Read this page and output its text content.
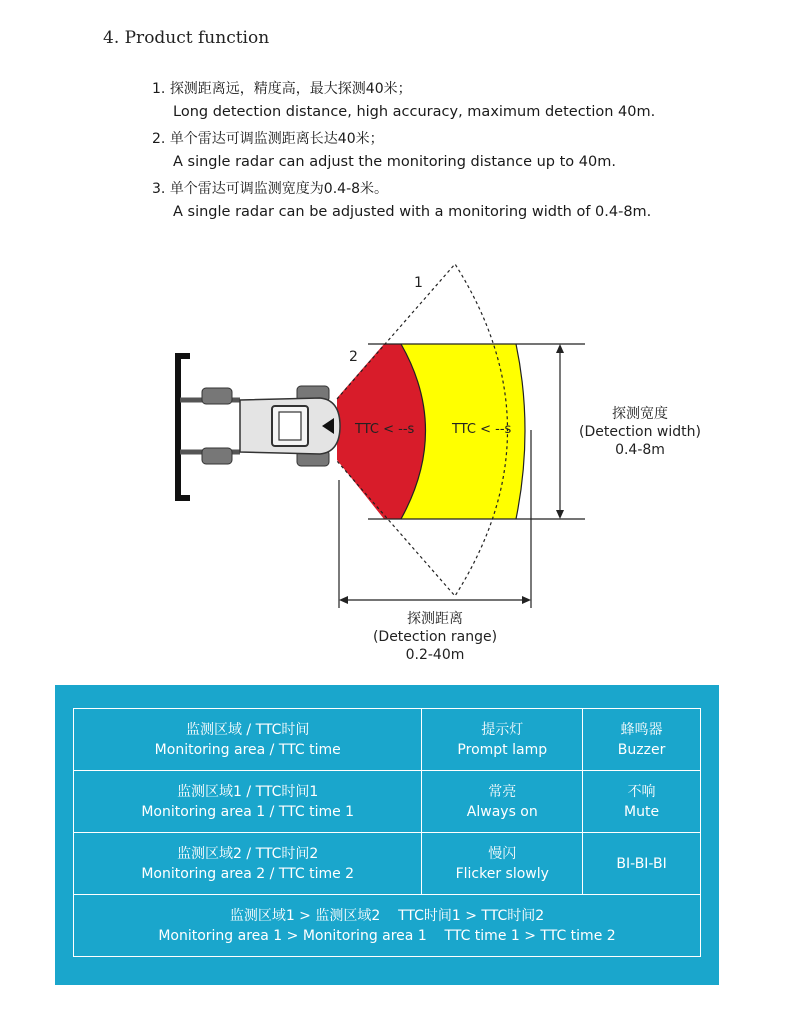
4. Product function
1. 探测距离远，精度高，最大探测40米；
Long detection distance, high accuracy, maximum detection 40m.
2. 单个雷达可调监测距离长达40米；
A single radar can adjust the monitoring distance up to 40m.
3. 单个雷达可调监测宽度为0.4-8米。
A single radar can be adjusted with a monitoring width of 0.4-8m.
1
2
TTC < --s	TTC < --s
探测宽度
(Detection width)
0.4-8m
探测距离
(Detection range)
0.2-40m
监测区域 / TTC时间
Monitoring area / TTC time	提示灯
Prompt lamp	蜂鸣器
Buzzer

监测区域1 / TTC时间1
Monitoring area 1 / TTC time 1	常亮
Always on	不响
Mute

监测区域2 / TTC时间2
Monitoring area 2 / TTC time 2	慢闪
Flicker slowly	BI-BI-BI

监测区域1 > 监测区域2    TTC时间1 > TTC时间2
Monitoring area 1 > Monitoring area 1    TTC time 1 > TTC time 2		
